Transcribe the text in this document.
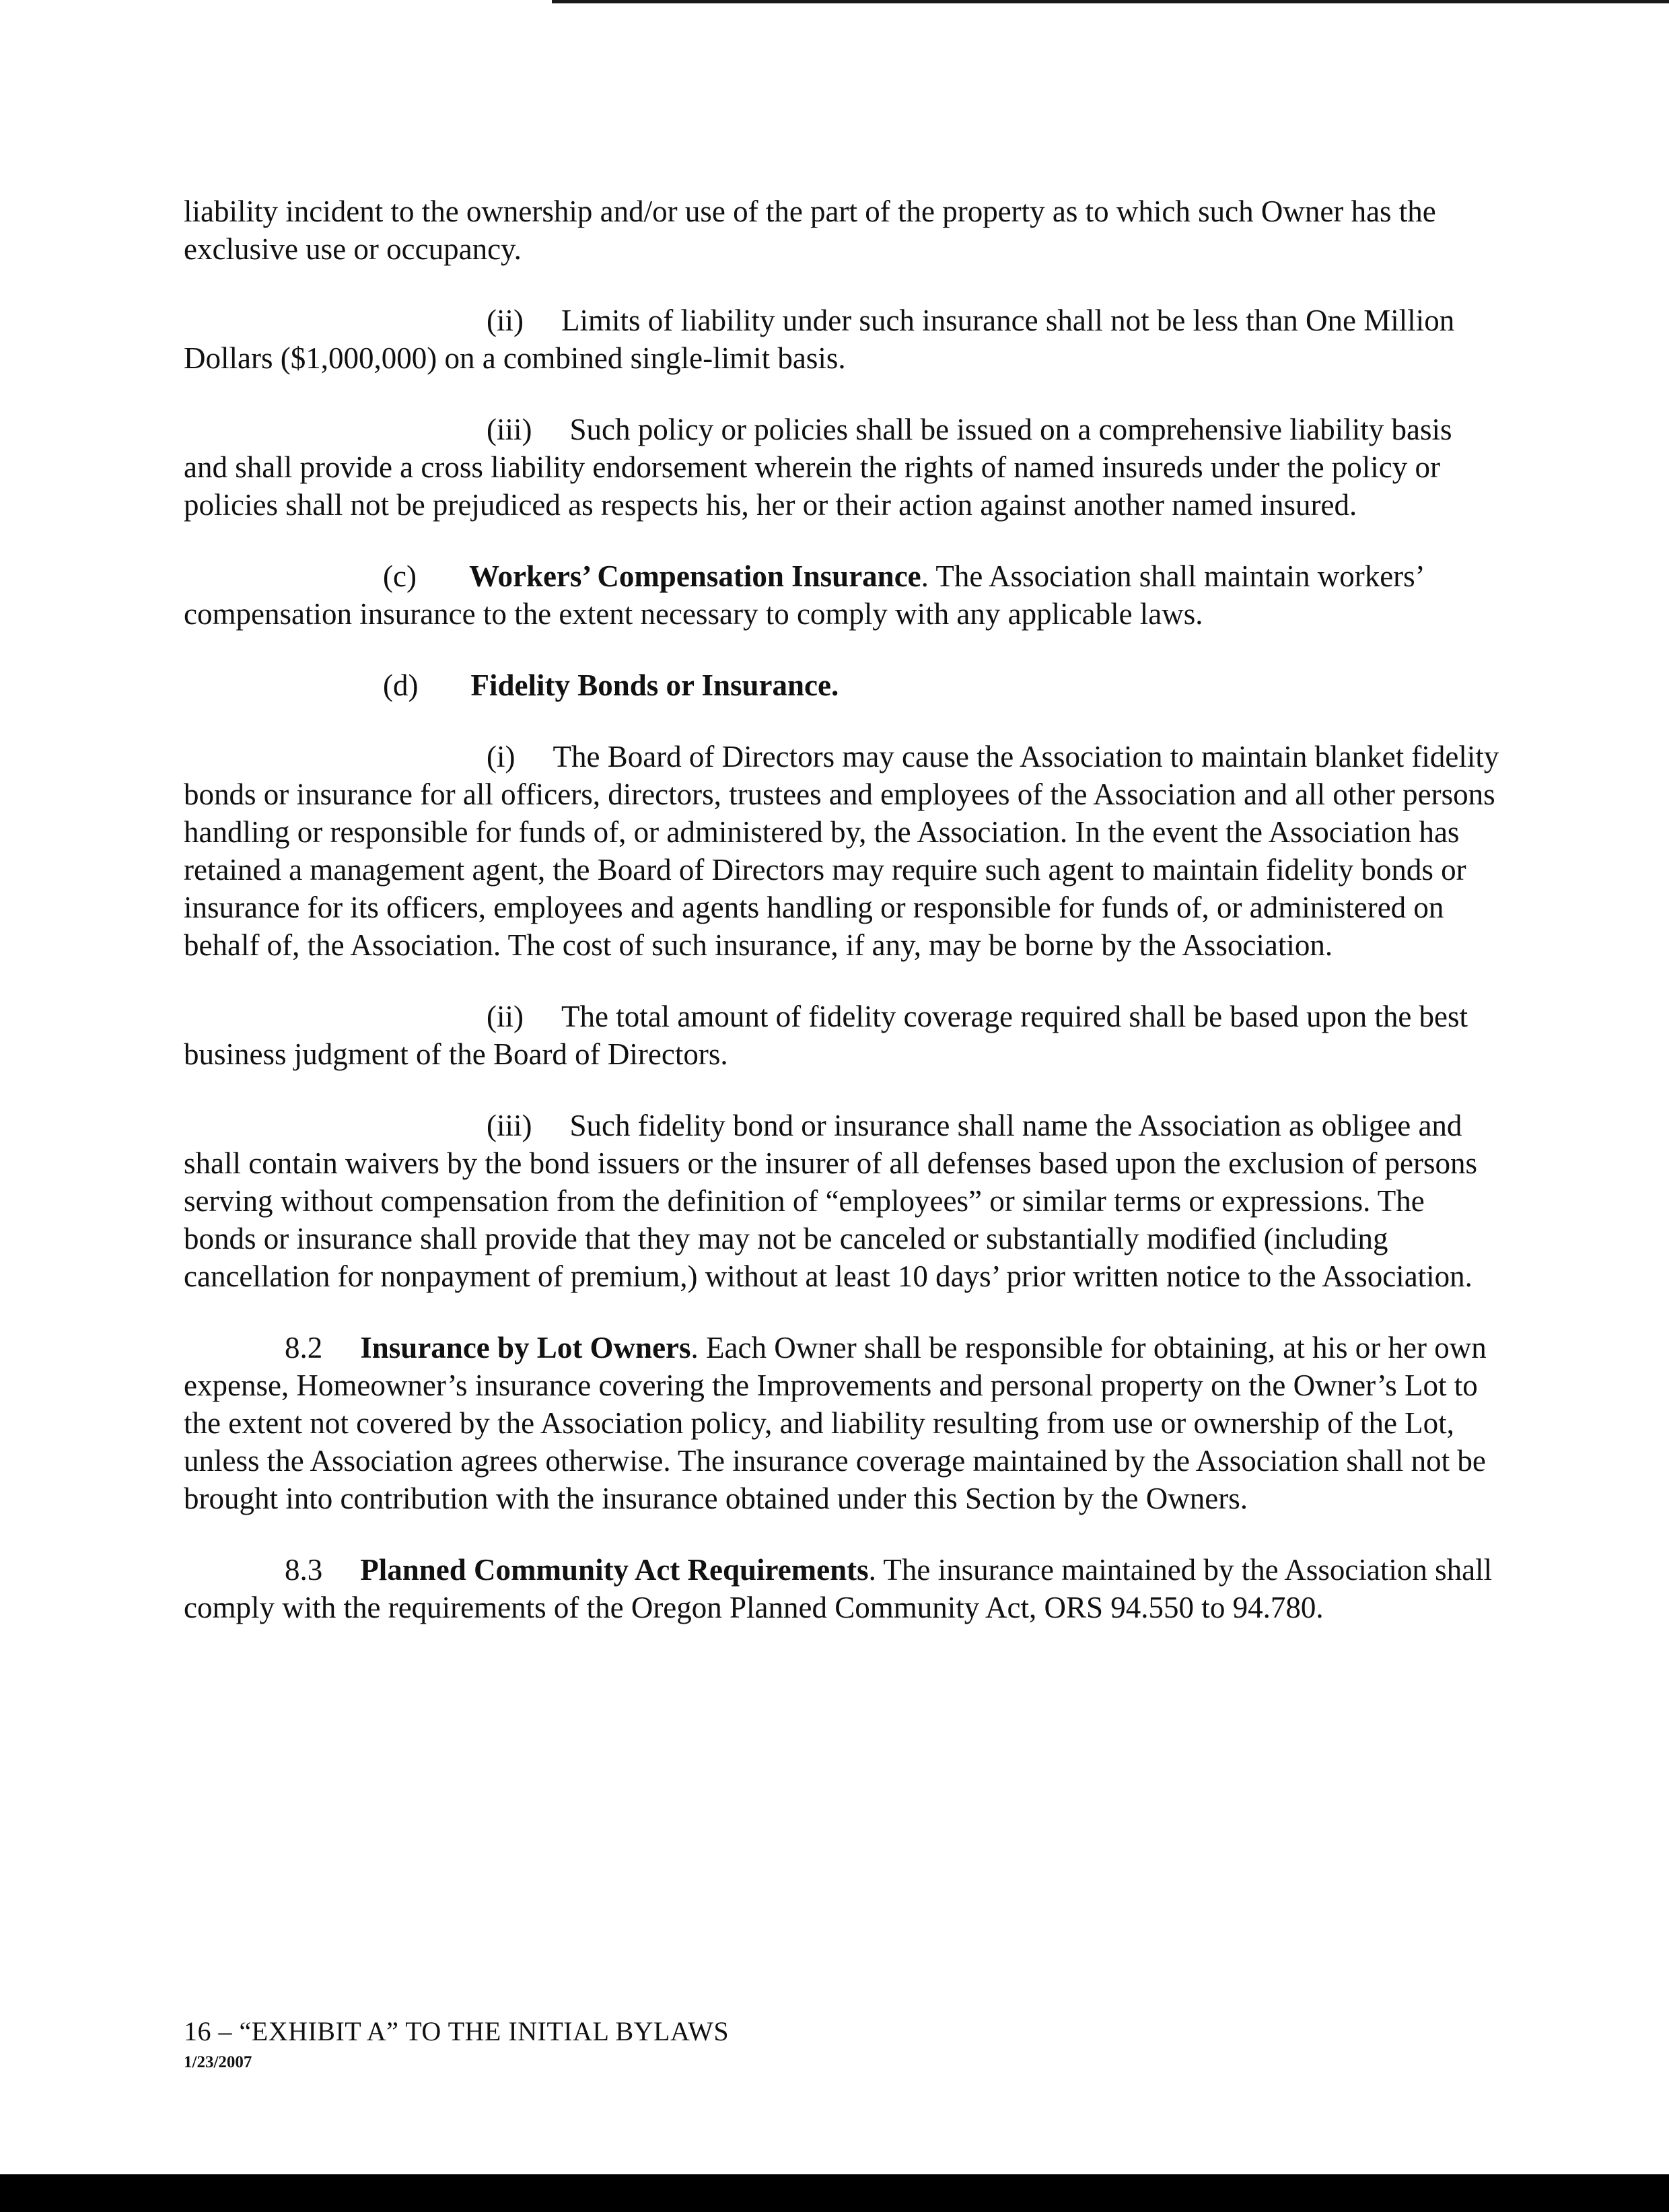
liability incident to the ownership and/or use of the part of the property as to which such Owner has the exclusive use or occupancy.

(ii) Limits of liability under such insurance shall not be less than One Million Dollars ($1,000,000) on a combined single-limit basis.

(iii) Such policy or policies shall be issued on a comprehensive liability basis and shall provide a cross liability endorsement wherein the rights of named insureds under the policy or policies shall not be prejudiced as respects his, her or their action against another named insured.

(c) Workers’ Compensation Insurance. The Association shall maintain workers’ compensation insurance to the extent necessary to comply with any applicable laws.

(d) Fidelity Bonds or Insurance.

(i) The Board of Directors may cause the Association to maintain blanket fidelity bonds or insurance for all officers, directors, trustees and employees of the Association and all other persons handling or responsible for funds of, or administered by, the Association. In the event the Association has retained a management agent, the Board of Directors may require such agent to maintain fidelity bonds or insurance for its officers, employees and agents handling or responsible for funds of, or administered on behalf of, the Association. The cost of such insurance, if any, may be borne by the Association.

(ii) The total amount of fidelity coverage required shall be based upon the best business judgment of the Board of Directors.

(iii) Such fidelity bond or insurance shall name the Association as obligee and shall contain waivers by the bond issuers or the insurer of all defenses based upon the exclusion of persons serving without compensation from the definition of “employees” or similar terms or expressions. The bonds or insurance shall provide that they may not be canceled or substantially modified (including cancellation for nonpayment of premium,) without at least 10 days’ prior written notice to the Association.

8.2 Insurance by Lot Owners. Each Owner shall be responsible for obtaining, at his or her own expense, Homeowner’s insurance covering the Improvements and personal property on the Owner’s Lot to the extent not covered by the Association policy, and liability resulting from use or ownership of the Lot, unless the Association agrees otherwise. The insurance coverage maintained by the Association shall not be brought into contribution with the insurance obtained under this Section by the Owners.

8.3 Planned Community Act Requirements. The insurance maintained by the Association shall comply with the requirements of the Oregon Planned Community Act, ORS 94.550 to 94.780.

16 – “EXHIBIT A” TO THE INITIAL BYLAWS
1/23/2007
